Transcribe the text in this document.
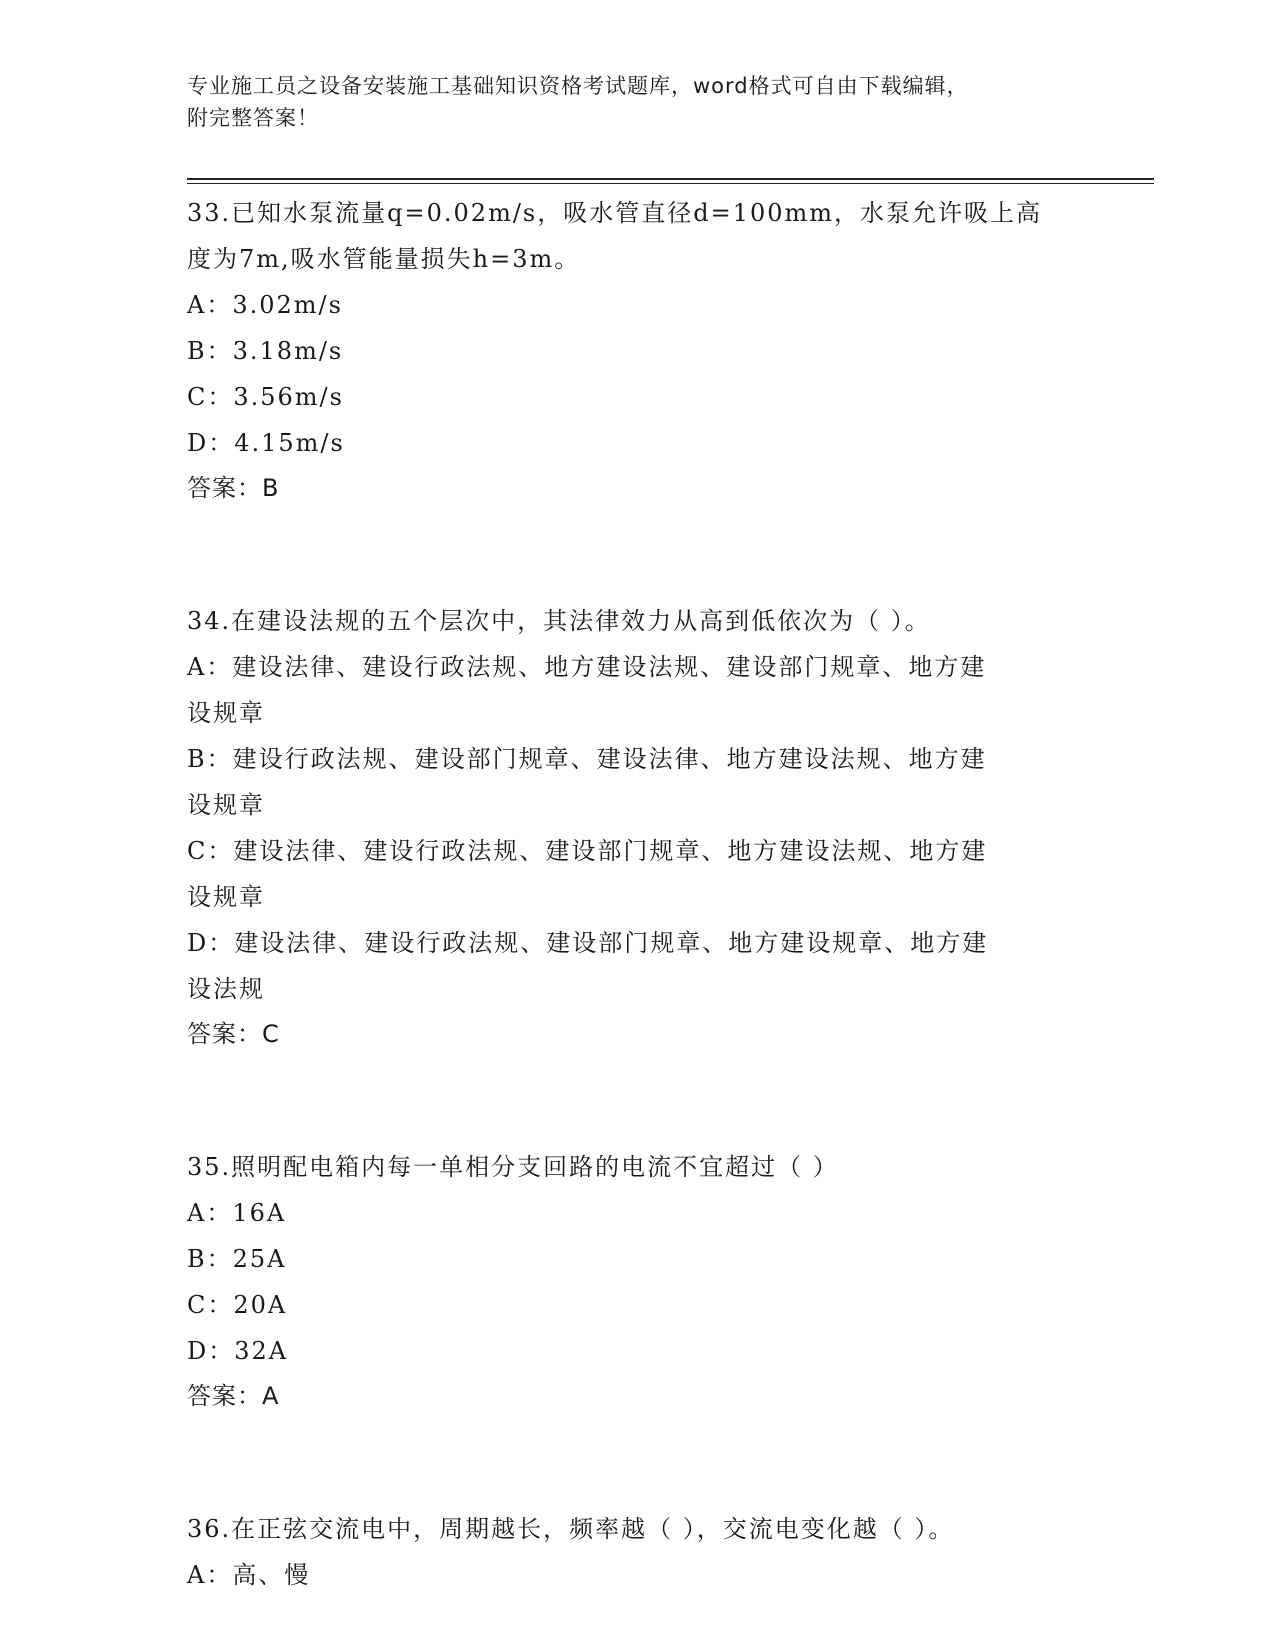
专业施工员之设备安装施工基础知识资格考试题库，word格式可自由下载编辑，
附完整答案！
33.已知水泵流量q=0.02m/s，吸水管直径d=100mm，水泵允许吸上高
度为7m,吸水管能量损失h=3m。
A：3.02m/s
B：3.18m/s
C：3.56m/s
D：4.15m/s
答案：B
34.在建设法规的五个层次中，其法律效力从高到低依次为（ ）。
A：建设法律、建设行政法规、地方建设法规、建设部门规章、地方建
设规章
B：建设行政法规、建设部门规章、建设法律、地方建设法规、地方建
设规章
C：建设法律、建设行政法规、建设部门规章、地方建设法规、地方建
设规章
D：建设法律、建设行政法规、建设部门规章、地方建设规章、地方建
设法规
答案：C
35.照明配电箱内每一单相分支回路的电流不宜超过（ ）
A：16A
B：25A
C：20A
D：32A
答案：A
36.在正弦交流电中，周期越长，频率越（ ），交流电变化越（ ）。
A：高、慢
